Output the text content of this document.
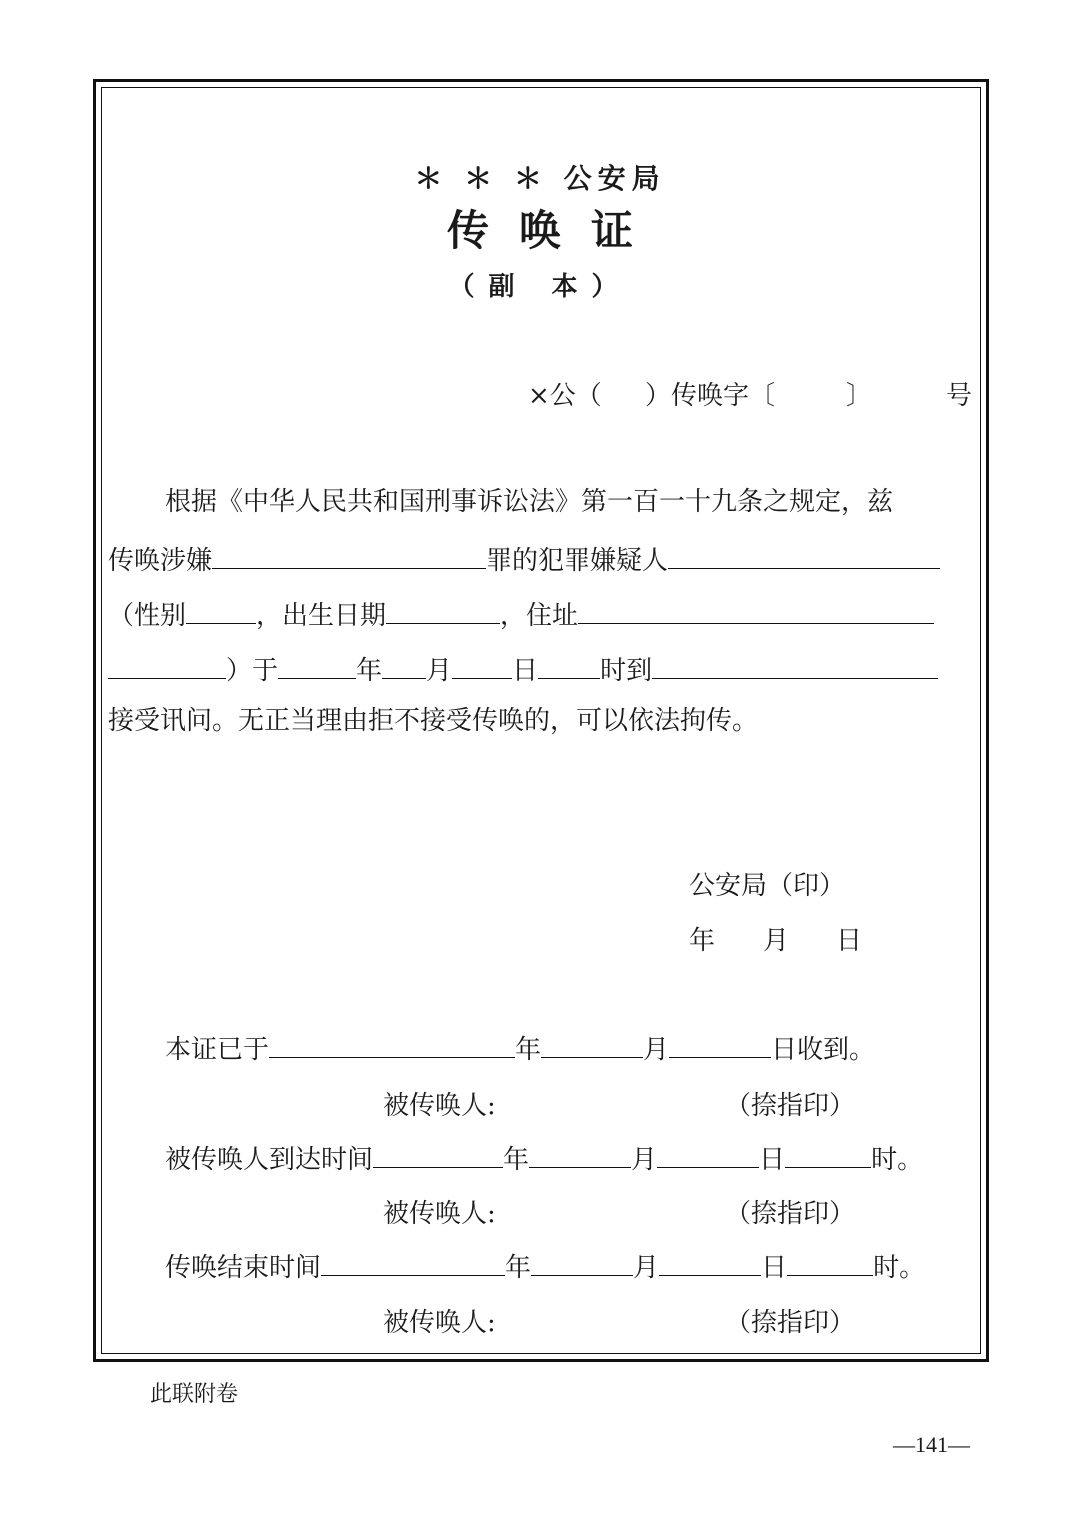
＊ ＊ ＊ 公安局
传唤证
（副 本）
×公（ ）传唤字〔	〕	号
根据《中华人民共和国刑事诉讼法》第一百一十九条之规定，兹
传唤涉嫌	罪的犯罪嫌疑人
（性别	，出生日期	，住址
）于	年 月 日 时到
接受讯问。无正当理由拒不接受传唤的，可以依法拘传。
公安局（印）
年 月 日
本证已于	年	月	日收到。
被传唤人:	（捺指印）
被传唤人到达时间	年	月	日	时。
被传唤人:	（捺指印）
传唤结束时间	年	月	日	时。
被传唤人:	（捺指印）
此联附卷
—141—
